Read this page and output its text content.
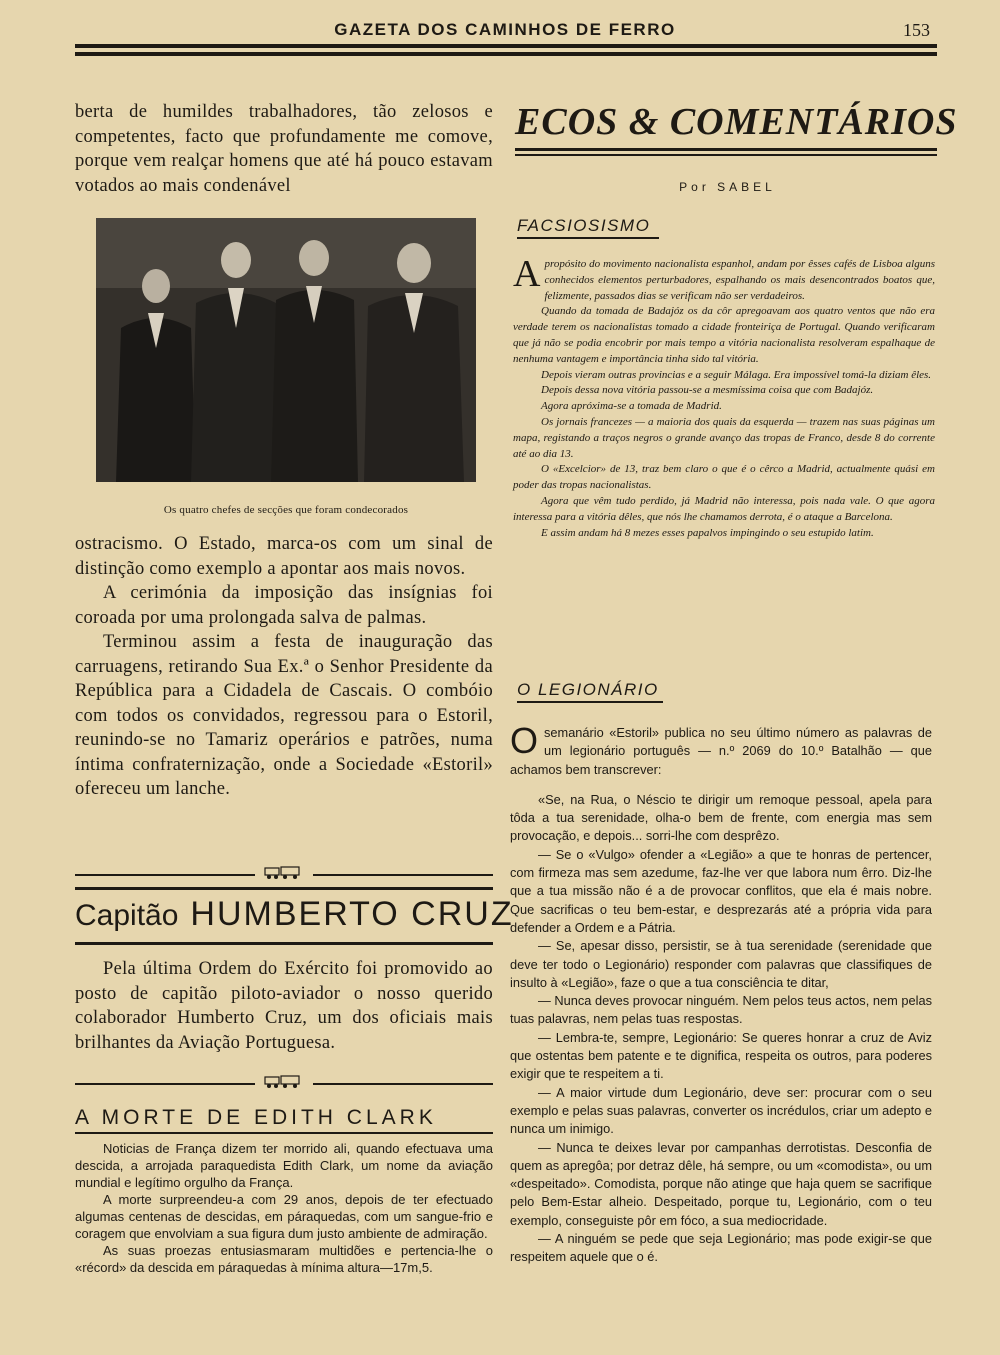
GAZETA DOS CAMINHOS DE FERRO	153

berta de humildes trabalhadores, tão zelosos e competentes, facto que profundamente me comove, porque vem realçar homens que até há pouco estavam votados ao mais condenável

Os quatro chefes de secções que foram condecorados

ostracismo. O Estado, marca-os com um sinal de distinção como exemplo a apontar aos mais novos.

A cerimónia da imposição das insígnias foi coroada por uma prolongada salva de palmas.

Terminou assim a festa de inauguração das carruagens, retirando Sua Ex.ª o Senhor Presidente da República para a Cidadela de Cascais. O combóio com todos os convidados, regressou para o Estoril, reunindo-se no Tamariz operários e patrões, numa íntima confraternização, onde a Sociedade «Estoril» ofereceu um lanche.

Capitão HUMBERTO CRUZ

Pela última Ordem do Exército foi promovido ao posto de capitão piloto-aviador o nosso querido colaborador Humberto Cruz, um dos oficiais mais brilhantes da Aviação Portuguesa.

A MORTE DE EDITH CLARK

Noticias de França dizem ter morrido ali, quando efectuava uma descida, a arrojada paraquedista Edith Clark, um nome da aviação mundial e legítimo orgulho da França.

A morte surpreendeu-a com 29 anos, depois de ter efectuado algumas centenas de descidas, em páraquedas, com um sangue-frio e coragem que envolviam a sua figura dum justo ambiente de admiração.

As suas proezas entusiasmaram multidões e pertencia-lhe o «récord» da descida em páraquedas à mínima altura—17m,5.

ECOS & COMENTÁRIOS
Por SABEL
FACSIOSISMO

Apropósito do movimento nacionalista espanhol, andam por êsses cafés de Lisboa alguns conhecidos elementos perturbadores, espalhando os mais desencontrados boatos que, felizmente, passados dias se verificam não ser verdadeiros.

Quando da tomada de Badajóz os da côr apregoavam aos quatro ventos que não era verdade terem os nacionalistas tomado a cidade fronteiriça de Portugal. Quando verificaram que já não se podia encobrir por mais tempo a vitória nacionalista resolveram espalhaque de nenhuma vantagem e importância tinha sido tal vitória.

Depois vieram outras provincias e a seguir Málaga. Era impossível tomá-la diziam êles.

Depois dessa nova vitória passou-se a mesmíssima coisa que com Badajóz.

Agora apróxima-se a tomada de Madrid.

Os jornais francezes — a maioria dos quais da esquerda — trazem nas suas páginas um mapa, registando a traços negros o grande avanço das tropas de Franco, desde 8 do corrente até ao dia 13.

O «Excelcior» de 13, traz bem claro o que é o cêrco a Madrid, actualmente quási em poder das tropas nacionalistas.

Agora que vêm tudo perdido, já Madrid não interessa, pois nada vale. O que agora interessa para a vitória dêles, que nós lhe chamamos derrota, é o ataque a Barcelona.

E assim andam há 8 mezes esses papalvos impingindo o seu estupido latim.

O LEGIONÁRIO

Osemanário «Estoril» publica no seu último número as palavras de um legionário português — n.º 2069 do 10.º Batalhão — que achamos bem transcrever:

«Se, na Rua, o Néscio te dirigir um remoque pessoal, apela para tôda a tua serenidade, olha-o bem de frente, com energia mas sem provocação, e depois... sorri-lhe com desprêzo.

— Se o «Vulgo» ofender a «Legião» a que te honras de pertencer, com firmeza mas sem azedume, faz-lhe ver que labora num êrro. Diz-lhe que a tua missão não é a de provocar conflitos, que ela é mais nobre. Que sacrificas o teu bem-estar, e desprezarás até a própria vida para defender a Ordem e a Pátria.

— Se, apesar disso, persistir, se à tua serenidade (serenidade que deve ter todo o Legionário) responder com palavras que classifiques de insulto à «Legião», faze o que a tua consciência te ditar,

— Nunca deves provocar ninguém. Nem pelos teus actos, nem pelas tuas palavras, nem pelas tuas respostas.

— Lembra-te, sempre, Legionário: Se queres honrar a cruz de Aviz que ostentas bem patente e te dignifica, respeita os outros, para poderes exigir que te respeitem a ti.

— A maior virtude dum Legionário, deve ser: procurar com o seu exemplo e pelas suas palavras, converter os incrédulos, criar um adepto e nunca um inimigo.

— Nunca te deixes levar por campanhas derrotistas. Desconfia de quem as apregôa; por detraz dêle, há sempre, ou um «comodista», ou um «despeitado». Comodista, porque não atinge que haja quem se sacrifique pelo Bem-Estar alheio. Despeitado, porque tu, Legionário, com o teu exemplo, conseguiste pôr em fóco, a sua mediocridade.

— A ninguém se pede que seja Legionário; mas pode exigir-se que respeitem aquele que o é.
